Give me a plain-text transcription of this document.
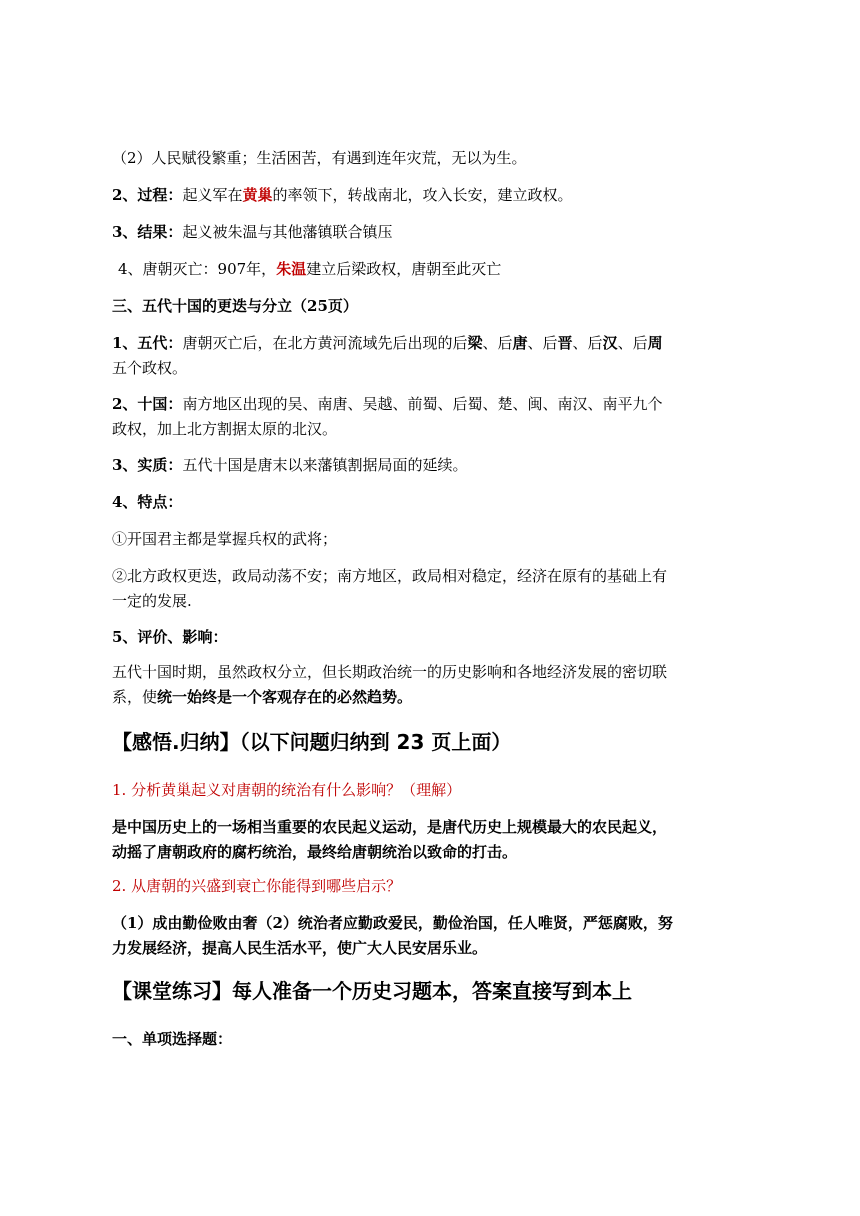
（2）人民赋役繁重；生活困苦，有遇到连年灾荒，无以为生。
2、过程：起义军在黄巢的率领下，转战南北，攻入长安，建立政权。
3、结果：起义被朱温与其他藩镇联合镇压
4、唐朝灭亡：907年，朱温建立后梁政权，唐朝至此灭亡
三、五代十国的更迭与分立（25页）
1、五代：唐朝灭亡后，在北方黄河流域先后出现的后梁、后唐、后晋、后汉、后周
五个政权。
2、十国：南方地区出现的吴、南唐、吴越、前蜀、后蜀、楚、闽、南汉、南平九个
政权，加上北方割据太原的北汉。
3、实质：五代十国是唐末以来藩镇割据局面的延续。
4、特点：
①开国君主都是掌握兵权的武将；
②北方政权更迭，政局动荡不安；南方地区，政局相对稳定，经济在原有的基础上有
一定的发展.
5、评价、影响：
五代十国时期，虽然政权分立，但长期政治统一的历史影响和各地经济发展的密切联
系，使统一始终是一个客观存在的必然趋势。
【感悟.归纳】（以下问题归纳到 23 页上面）
1. 分析黄巢起义对唐朝的统治有什么影响？（理解）
是中国历史上的一场相当重要的农民起义运动，是唐代历史上规模最大的农民起义，
动摇了唐朝政府的腐朽统治，最终给唐朝统治以致命的打击。
2. 从唐朝的兴盛到衰亡你能得到哪些启示？
（1）成由勤俭败由奢（2）统治者应勤政爱民，勤俭治国，任人唯贤，严惩腐败，努
力发展经济，提高人民生活水平，使广大人民安居乐业。
【课堂练习】每人准备一个历史习题本，答案直接写到本上
一、单项选择题：
